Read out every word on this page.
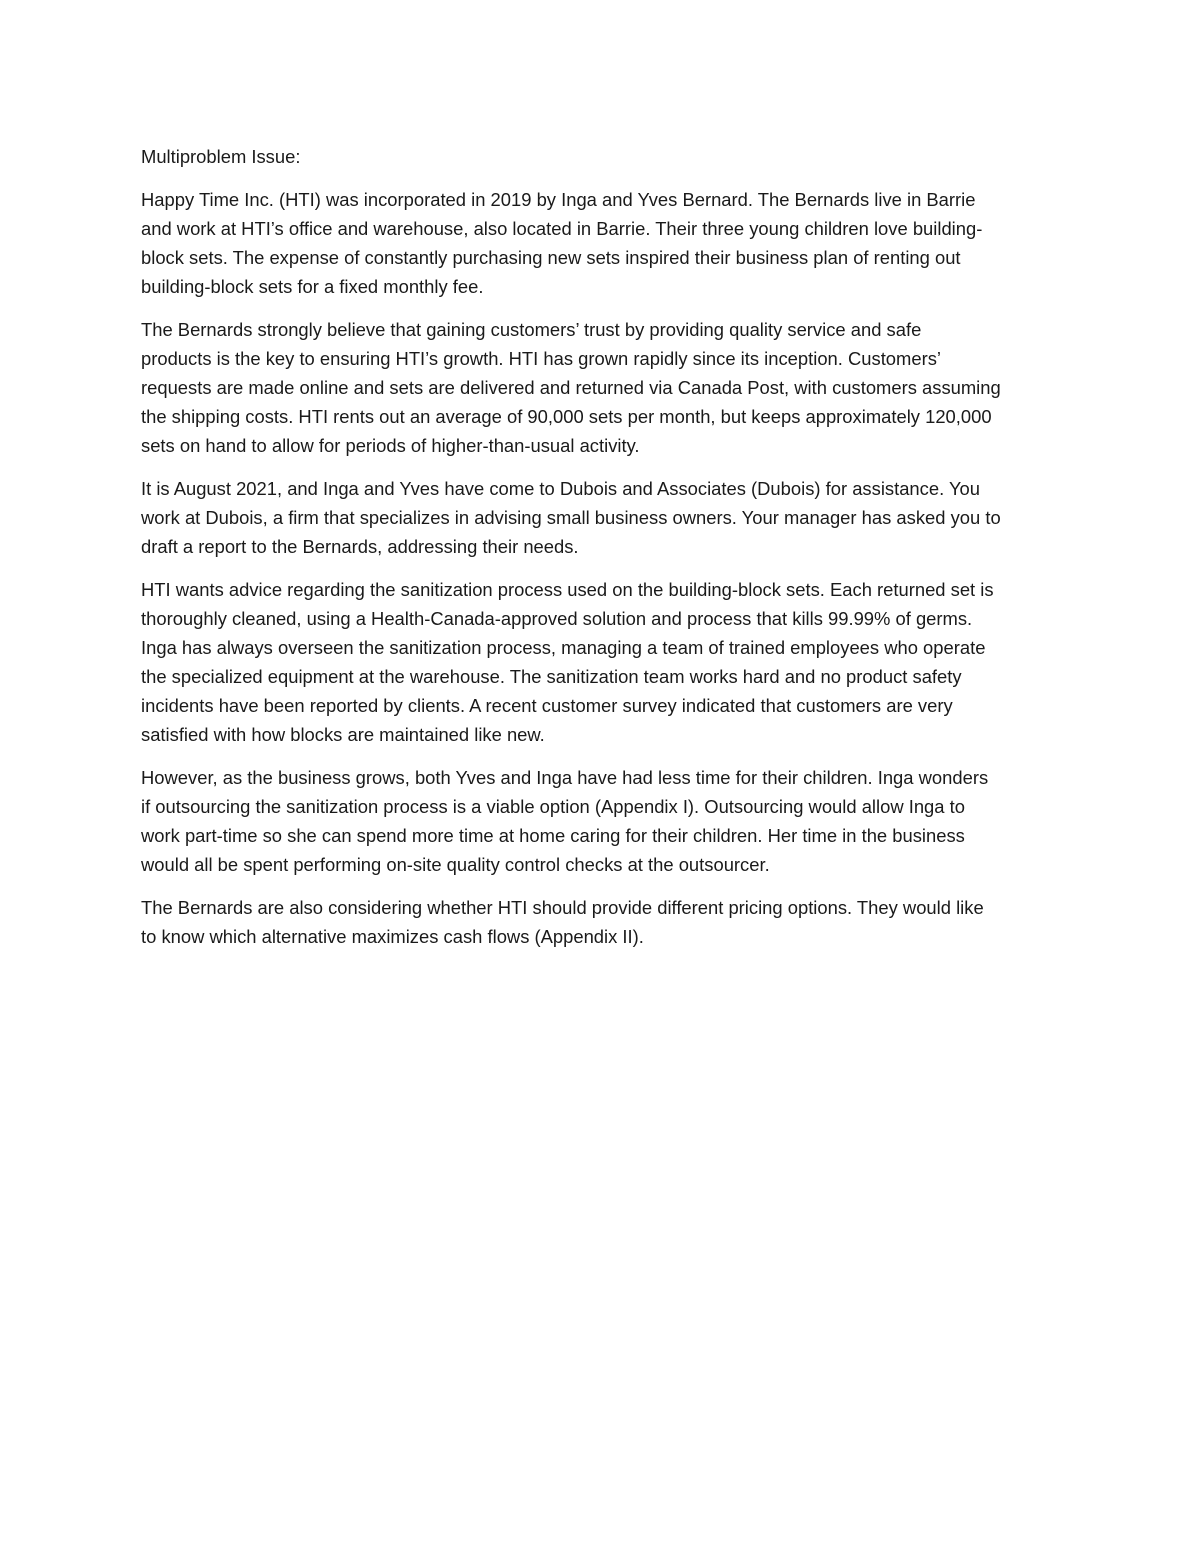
Multiproblem Issue:

Happy Time Inc. (HTI) was incorporated in 2019 by Inga and Yves Bernard. The Bernards live in Barrie
and work at HTI’s office and warehouse, also located in Barrie. Their three young children love building-
block sets. The expense of constantly purchasing new sets inspired their business plan of renting out
building-block sets for a fixed monthly fee.

The Bernards strongly believe that gaining customers’ trust by providing quality service and safe
products is the key to ensuring HTI’s growth. HTI has grown rapidly since its inception. Customers’
requests are made online and sets are delivered and returned via Canada Post, with customers assuming
the shipping costs. HTI rents out an average of 90,000 sets per month, but keeps approximately 120,000
sets on hand to allow for periods of higher-than-usual activity.

It is August 2021, and Inga and Yves have come to Dubois and Associates (Dubois) for assistance. You
work at Dubois, a firm that specializes in advising small business owners. Your manager has asked you to
draft a report to the Bernards, addressing their needs.

HTI wants advice regarding the sanitization process used on the building-block sets. Each returned set is
thoroughly cleaned, using a Health-Canada-approved solution and process that kills 99.99% of germs.
Inga has always overseen the sanitization process, managing a team of trained employees who operate
the specialized equipment at the warehouse. The sanitization team works hard and no product safety
incidents have been reported by clients. A recent customer survey indicated that customers are very
satisfied with how blocks are maintained like new.

However, as the business grows, both Yves and Inga have had less time for their children. Inga wonders
if outsourcing the sanitization process is a viable option (Appendix I). Outsourcing would allow Inga to
work part-time so she can spend more time at home caring for their children. Her time in the business
would all be spent performing on-site quality control checks at the outsourcer.

The Bernards are also considering whether HTI should provide different pricing options. They would like
to know which alternative maximizes cash flows (Appendix II).
